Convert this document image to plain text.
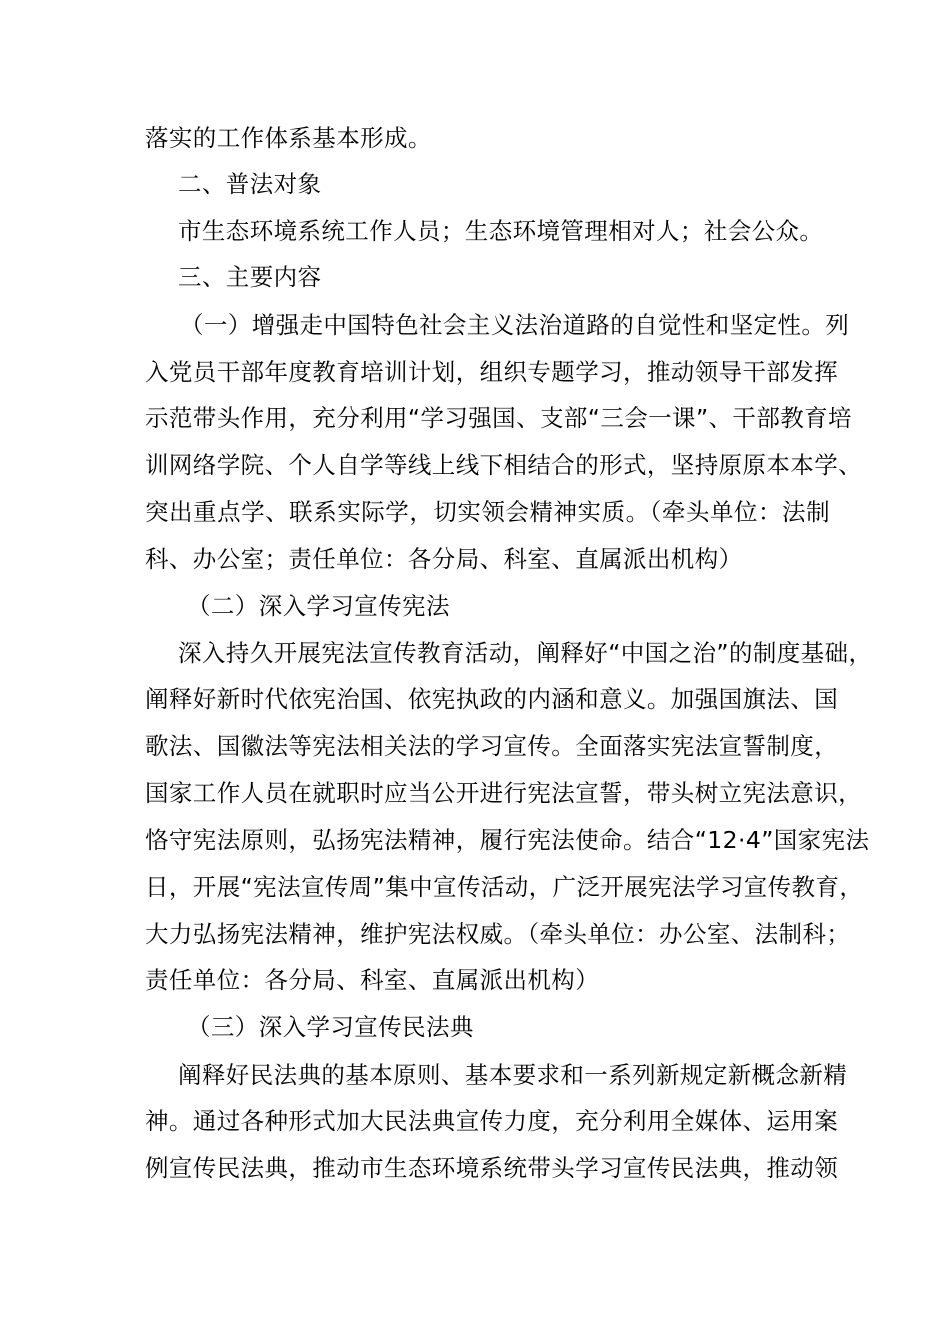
落实的工作体系基本形成。
二、普法对象
市生态环境系统工作人员；生态环境管理相对人；社会公众。
三、主要内容
（一）增强走中国特色社会主义法治道路的自觉性和坚定性。列
入党员干部年度教育培训计划，组织专题学习，推动领导干部发挥
示范带头作用，充分利用“学习强国、支部“三会一课”、干部教育培
训网络学院、个人自学等线上线下相结合的形式，坚持原原本本学、
突出重点学、联系实际学，切实领会精神实质。（牵头单位：法制
科、办公室；责任单位：各分局、科室、直属派出机构）
（二）深入学习宣传宪法
深入持久开展宪法宣传教育活动，阐释好“中国之治”的制度基础，
阐释好新时代依宪治国、依宪执政的内涵和意义。加强国旗法、国
歌法、国徽法等宪法相关法的学习宣传。全面落实宪法宣誓制度，
国家工作人员在就职时应当公开进行宪法宣誓，带头树立宪法意识，
恪守宪法原则，弘扬宪法精神，履行宪法使命。结合“12·4”国家宪法
日，开展“宪法宣传周”集中宣传活动，广泛开展宪法学习宣传教育，
大力弘扬宪法精神，维护宪法权威。（牵头单位：办公室、法制科；
责任单位：各分局、科室、直属派出机构）
（三）深入学习宣传民法典
阐释好民法典的基本原则、基本要求和一系列新规定新概念新精
神。通过各种形式加大民法典宣传力度，充分利用全媒体、运用案
例宣传民法典，推动市生态环境系统带头学习宣传民法典，推动领
